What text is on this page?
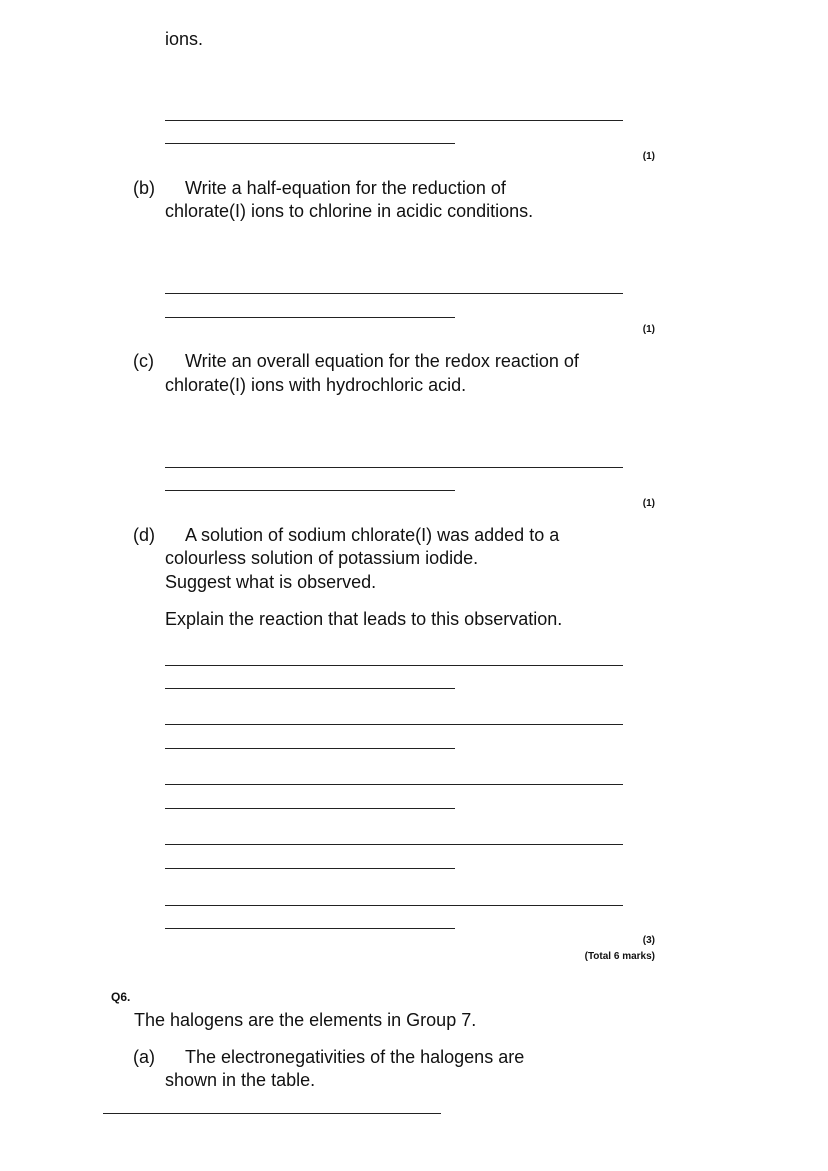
ions.
(1)
(b) Write a half-equation for the reduction of
chlorate(I) ions to chlorine in acidic conditions.
(1)
(c) Write an overall equation for the redox reaction of
chlorate(I) ions with hydrochloric acid.
(1)
(d) A solution of sodium chlorate(I) was added to a
colourless solution of potassium iodide.
Suggest what is observed.
Explain the reaction that leads to this observation.
(3)
(Total 6 marks)
Q6.
The halogens are the elements in Group 7.
(a) The electronegativities of the halogens are
shown in the table.
